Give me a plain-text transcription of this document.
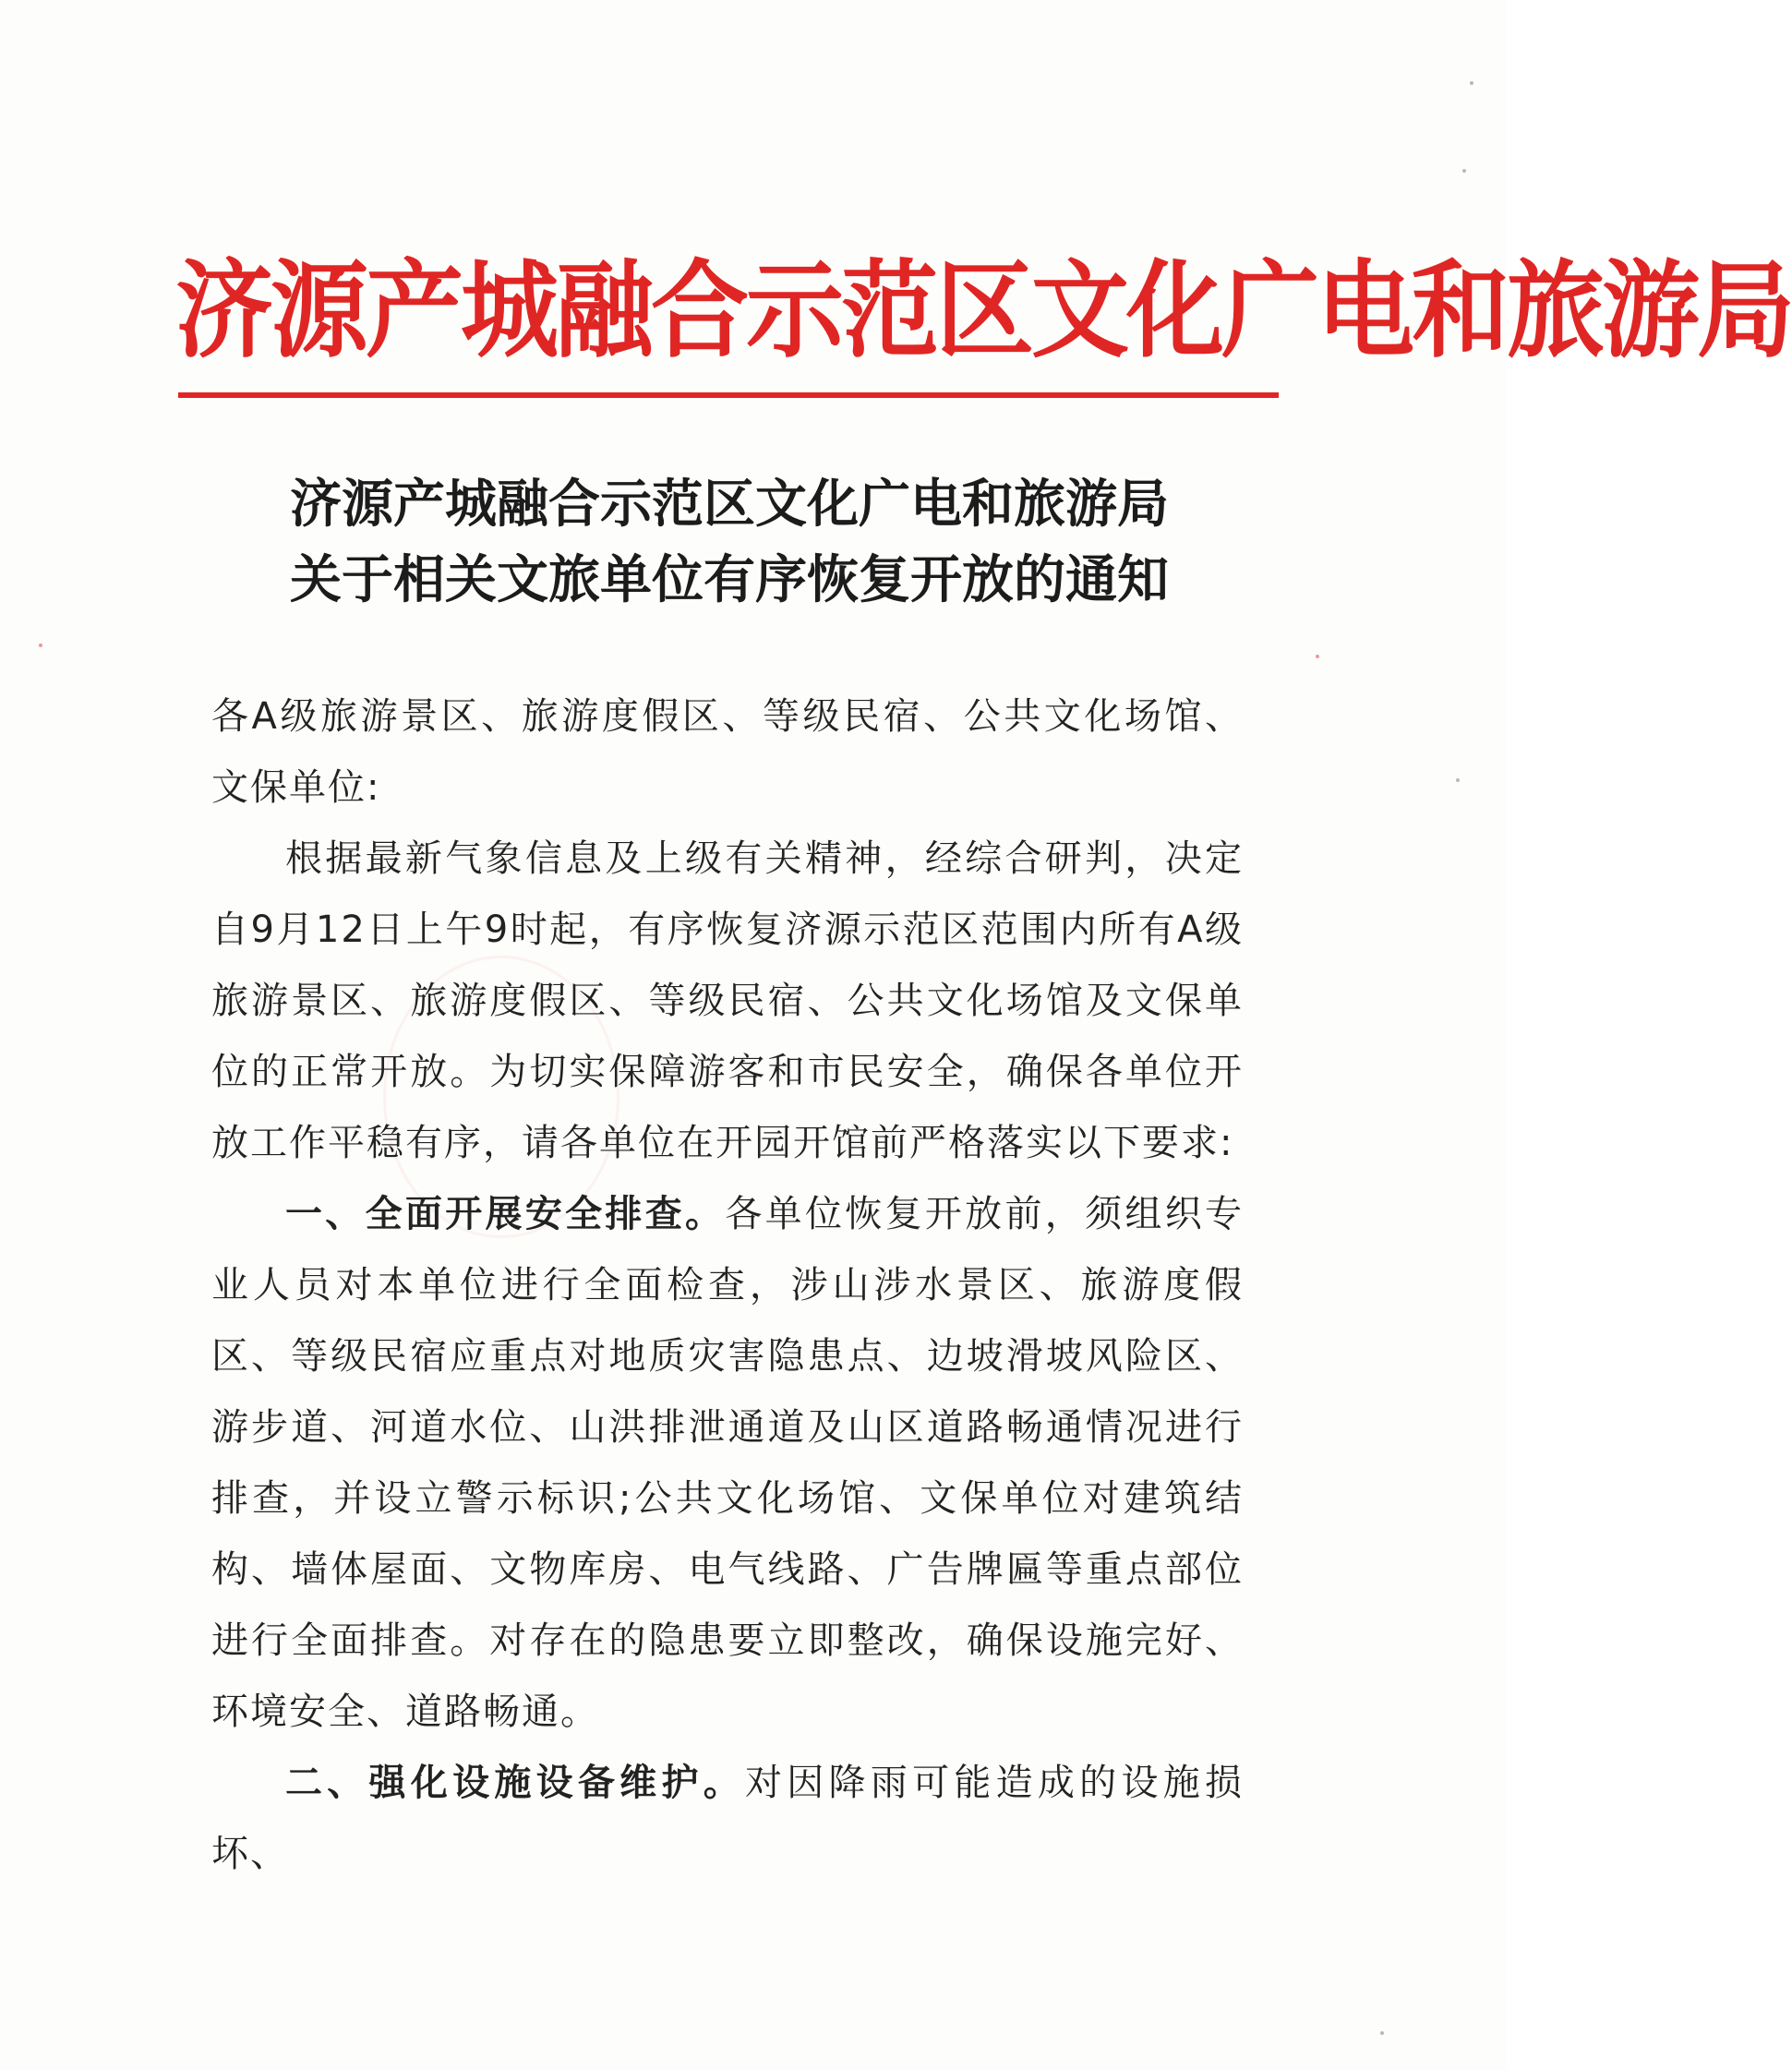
济源产城融合示范区文化广电和旅游局
济源产城融合示范区文化广电和旅游局
关于相关文旅单位有序恢复开放的通知

各A级旅游景区、旅游度假区、等级民宿、公共文化场馆、文保单位:

根据最新气象信息及上级有关精神，经综合研判，决定自9月12日上午9时起，有序恢复济源示范区范围内所有A级旅游景区、旅游度假区、等级民宿、公共文化场馆及文保单位的正常开放。为切实保障游客和市民安全，确保各单位开放工作平稳有序，请各单位在开园开馆前严格落实以下要求:

一、全面开展安全排查。各单位恢复开放前，须组织专业人员对本单位进行全面检查，涉山涉水景区、旅游度假区、等级民宿应重点对地质灾害隐患点、边坡滑坡风险区、游步道、河道水位、山洪排泄通道及山区道路畅通情况进行排查，并设立警示标识;公共文化场馆、文保单位对建筑结构、墙体屋面、文物库房、电气线路、广告牌匾等重点部位进行全面排查。对存在的隐患要立即整改，确保设施完好、环境安全、道路畅通。

二、强化设施设备维护。对因降雨可能造成的设施损坏、
